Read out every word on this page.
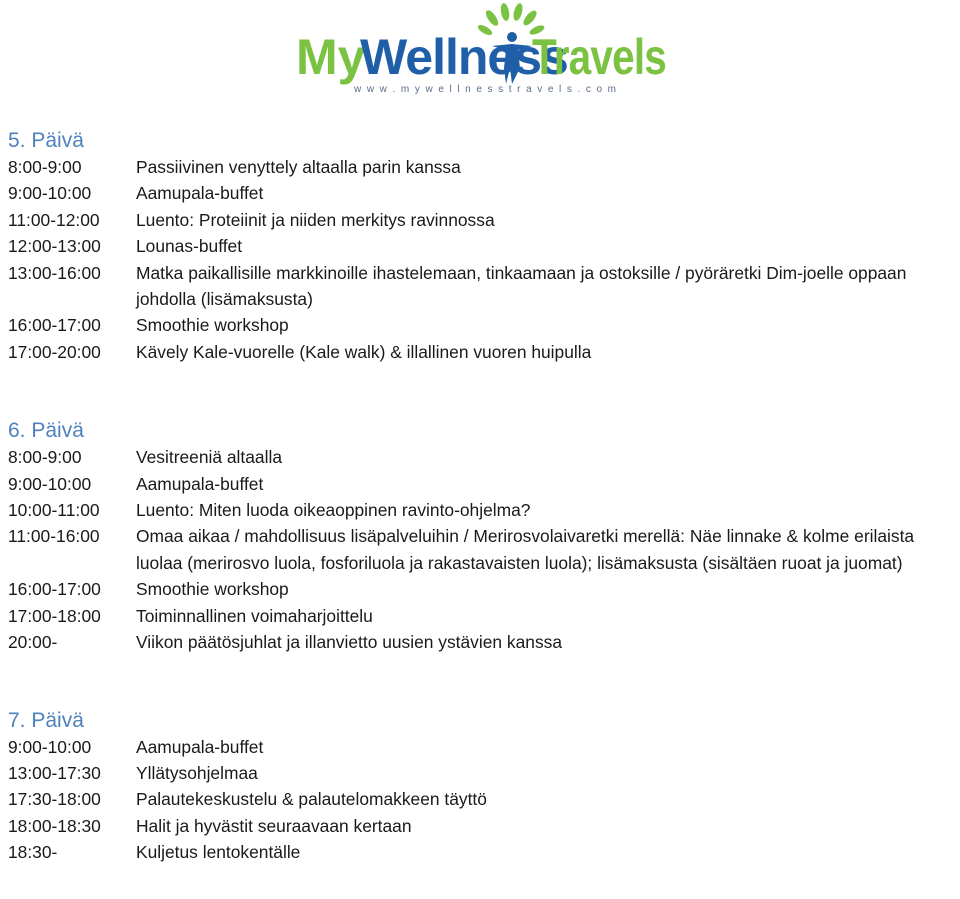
My
Wellness
Travels
w w w . m y w e l l n e s s t r a v e l s . c o m
5. Päivä
8:00-9:00	Passiivinen venyttely altaalla parin kanssa
9:00-10:00	Aamupala-buffet
11:00-12:00	Luento: Proteiinit ja niiden merkitys ravinnossa
12:00-13:00	Lounas-buffet
13:00-16:00	Matka paikallisille markkinoille ihastelemaan, tinkaamaan ja ostoksille / pyöräretki Dim-joelle oppaan johdolla (lisämaksusta)
16:00-17:00	Smoothie workshop
17:00-20:00	Kävely Kale-vuorelle (Kale walk) & illallinen vuoren huipulla
6. Päivä
8:00-9:00	Vesitreeniä altaalla
9:00-10:00	Aamupala-buffet
10:00-11:00	Luento: Miten luoda oikeaoppinen ravinto-ohjelma?
11:00-16:00	Omaa aikaa / mahdollisuus lisäpalveluihin / Merirosvolaivaretki merellä: Näe linnake & kolme erilaista luolaa (merirosvo luola, fosforiluola ja rakastavaisten luola); lisämaksusta (sisältäen ruoat ja juomat)
16:00-17:00	Smoothie workshop
17:00-18:00	Toiminnallinen voimaharjoittelu
20:00-	Viikon päätösjuhlat ja illanvietto uusien ystävien kanssa
7. Päivä
9:00-10:00	Aamupala-buffet
13:00-17:30	Yllätysohjelmaa
17:30-18:00	Palautekeskustelu & palautelomakkeen täyttö
18:00-18:30	Halit ja hyvästit seuraavaan kertaan
18:30-	Kuljetus lentokentälle
